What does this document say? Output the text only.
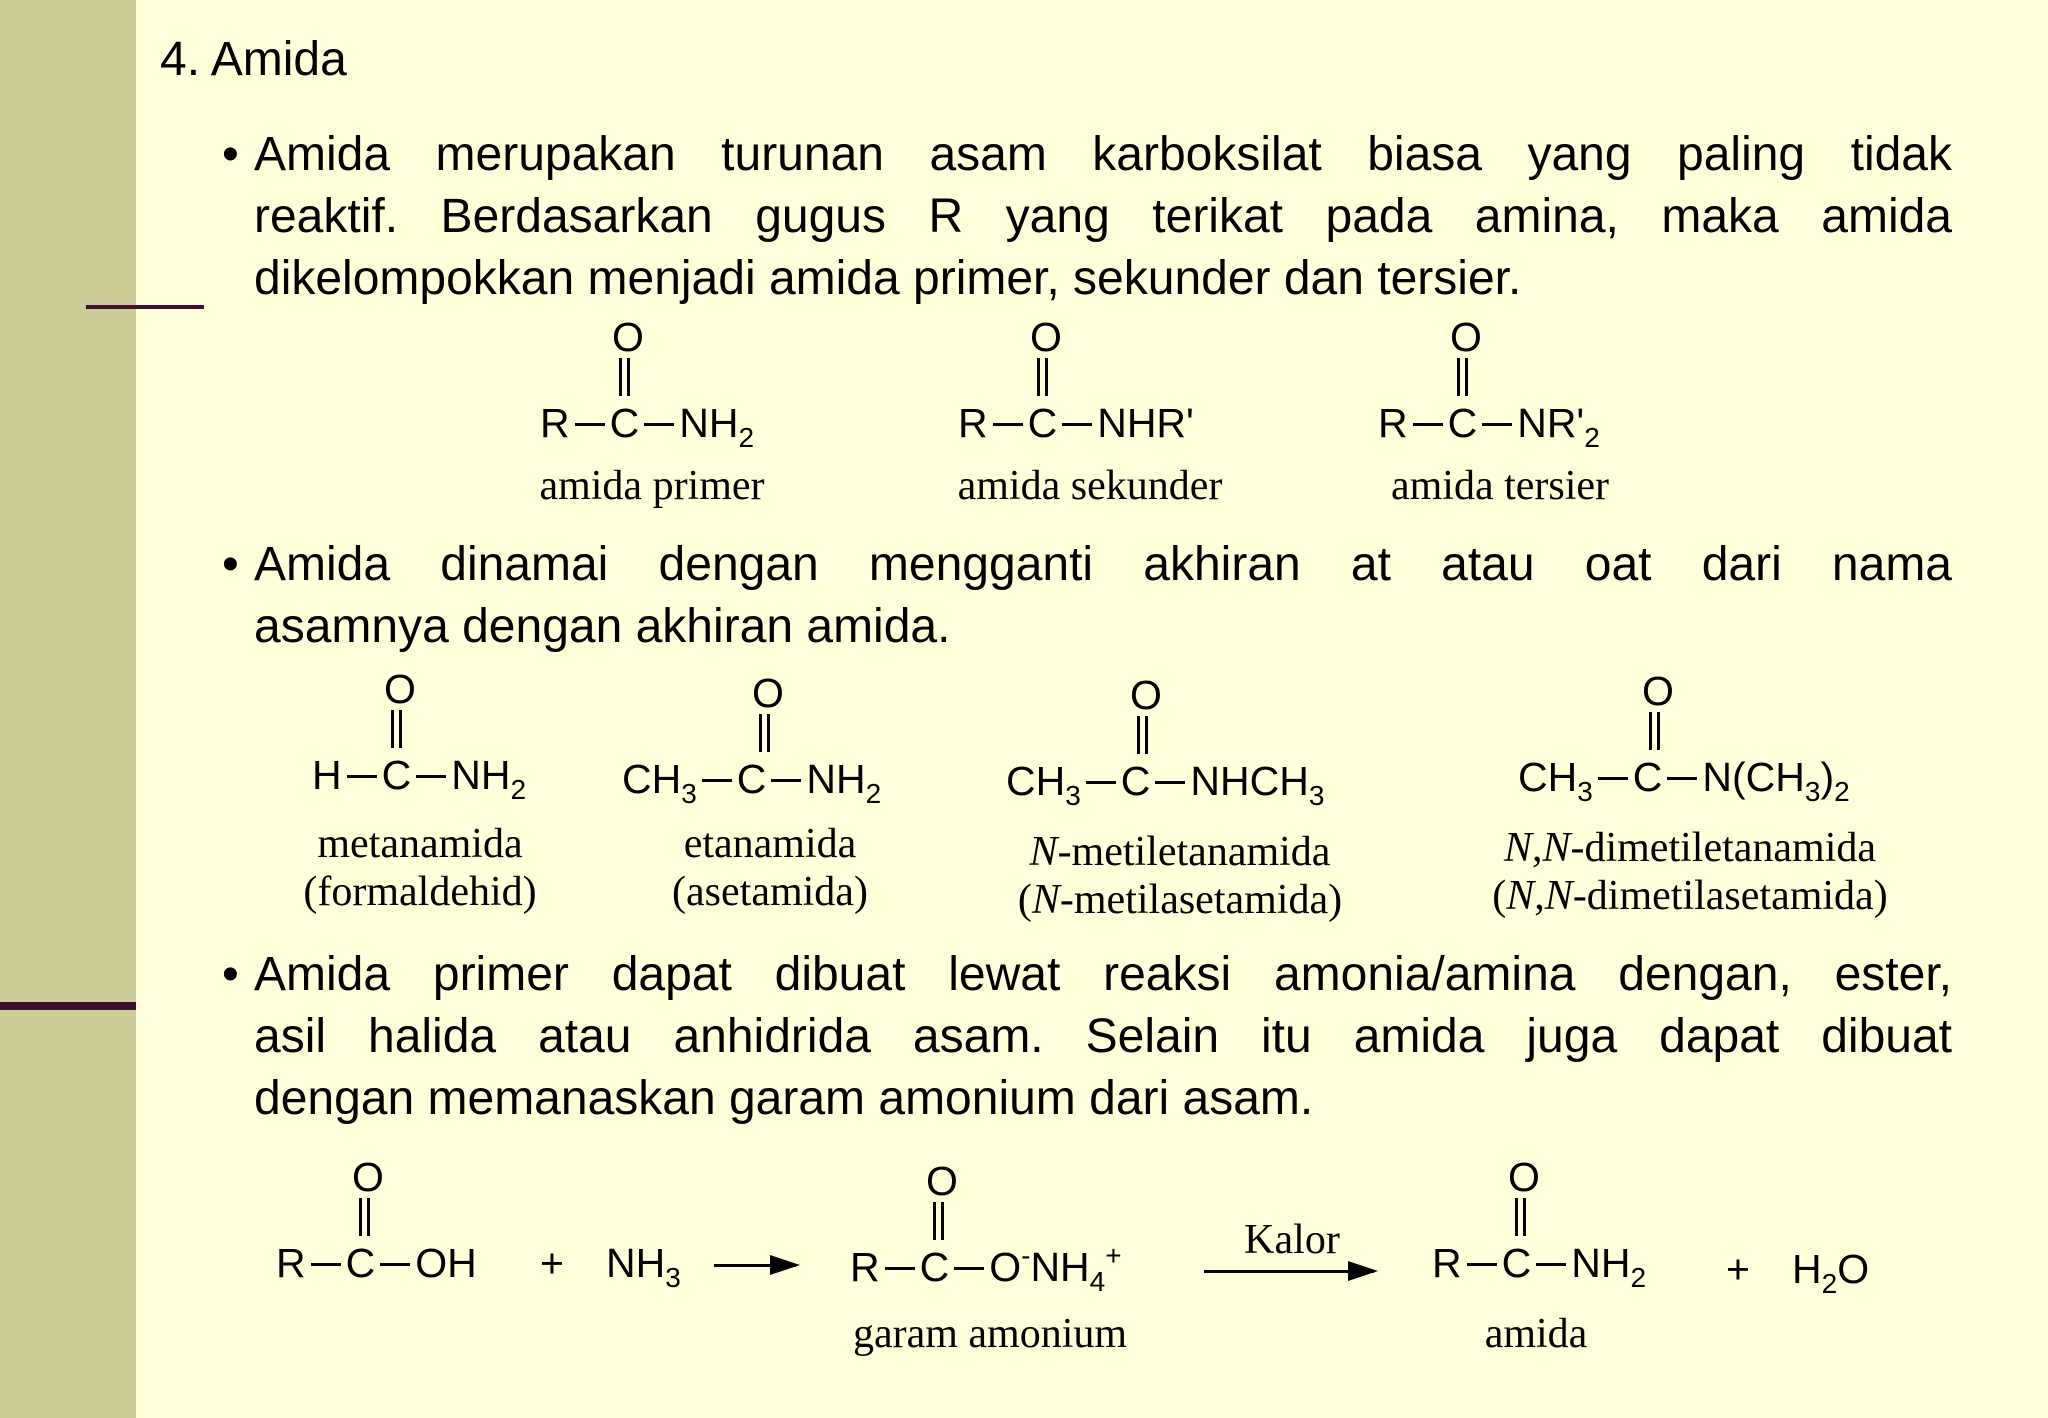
4. Amida
• Amida merupakan turunan asam karboksilat biasa yang paling tidak
reaktif. Berdasarkan gugus R yang terikat pada amina, maka amida
dikelompokkan menjadi amida primer, sekunder dan tersier.
O
R C $NH_2$
O
R C NHR'
O
R C $NR'_2$
amida primer	amida sekunder	amida tersier
• Amida dinamai dengan mengganti akhiran at atau oat dari nama
asamnya dengan akhiran amida.
O
H C $NH_2$
O
$CH_3$ C $NH_2$
O
$CH_3$ C $NHCH_3$
O
$CH_3$ C $N(CH_3)_2$
metanamida
(formaldehid)
etanamida
(asetamida)
N-metiletanamida
(N-metilasetamida)
N,N-dimetiletanamida
(N,N-dimetilasetamida)
• Amida primer dapat dibuat lewat reaksi amonia/amina dengan, ester,
asil halida atau anhidrida asam. Selain itu amida juga dapat dibuat
dengan memanaskan garam amonium dari asam.
O
R C OH + $NH_3$
O
R C $O^-NH_4^+$	Kalor
O
R C $NH_2 + H_2O$
garam amonium	amida
